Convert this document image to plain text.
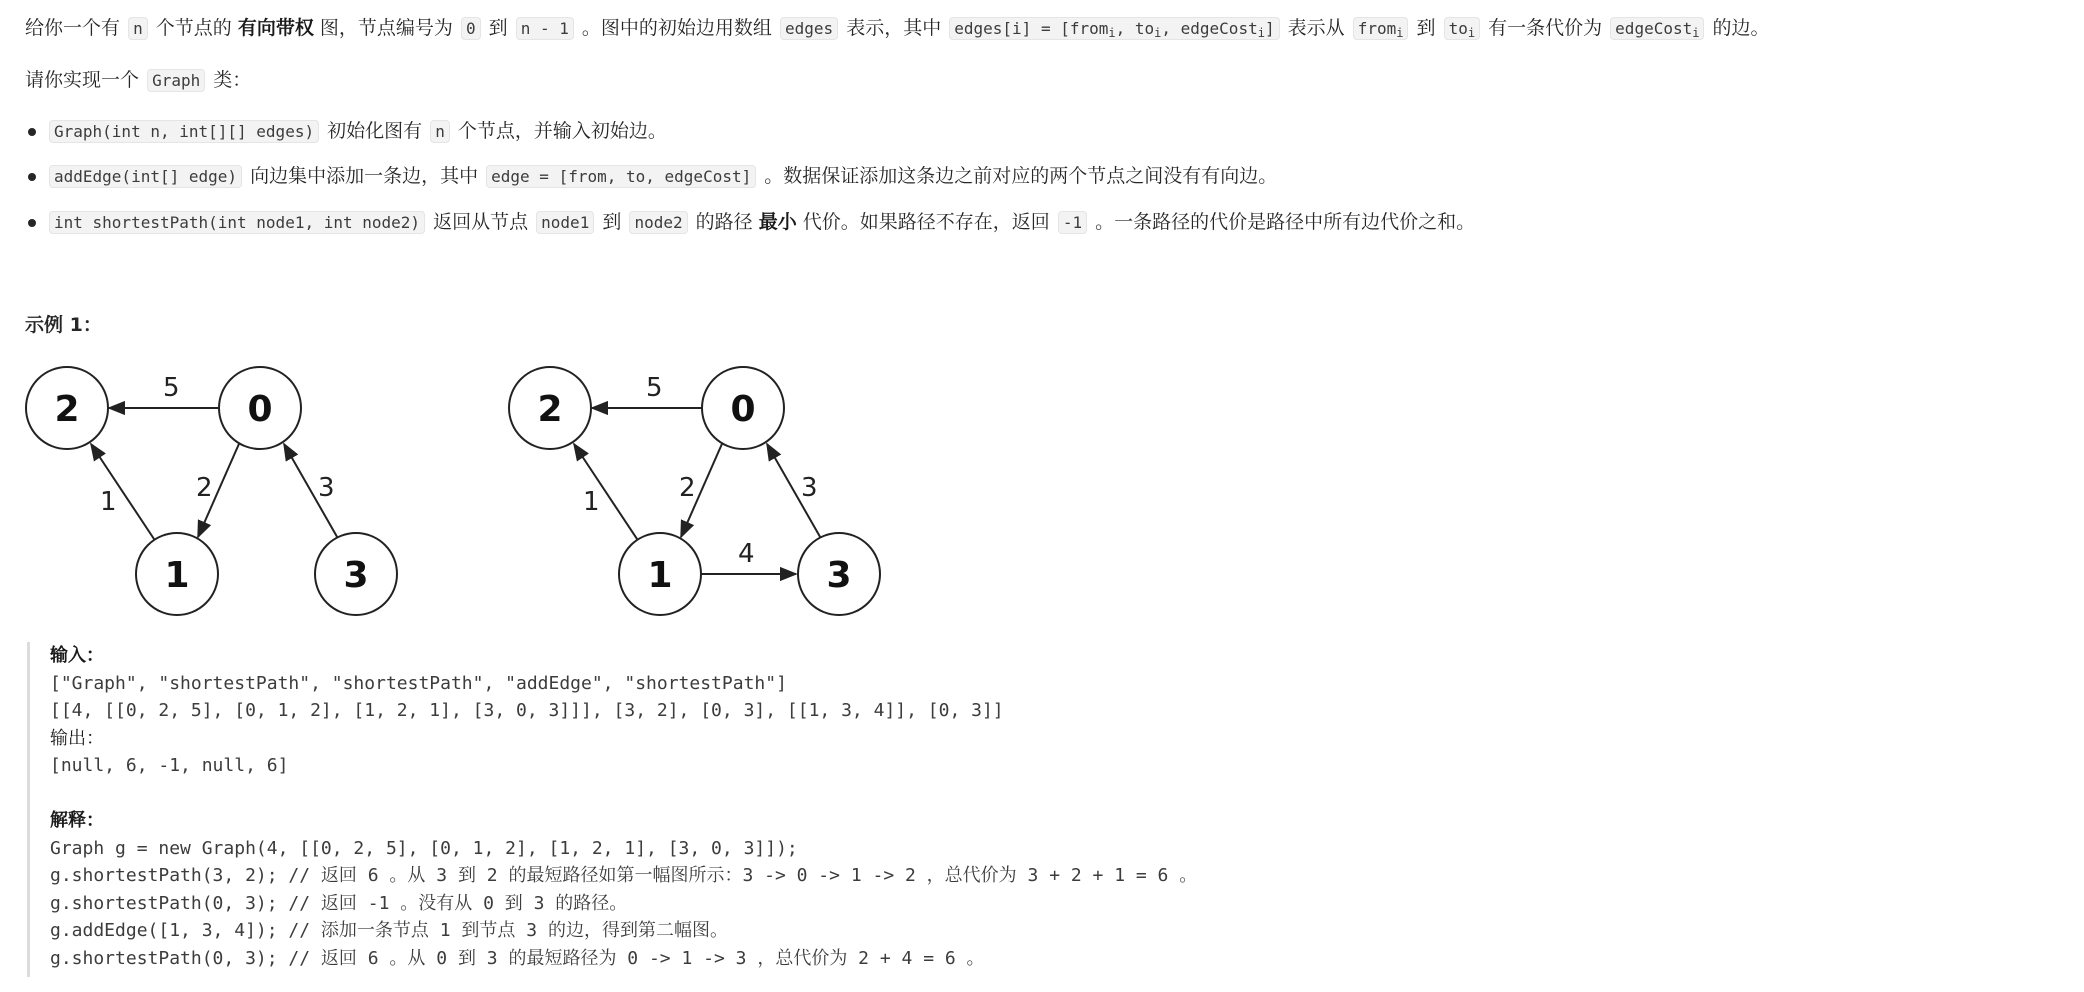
给你一个有 n 个节点的 有向带权 图，节点编号为 0 到 n - 1 。图中的初始边用数组 edges 表示，其中 edges[i] = [from$_i$, $to_i$, edgeCost$_i$] 表示从 from$_i$ 到 $to_i$ 有一条代价为 edgeCost$_i$ 的边。
请你实现一个 Graph 类：
Graph(int n, int[][] edges) 初始化图有 n 个节点，并输入初始边。
addEdge(int[] edge) 向边集中添加一条边，其中 edge = [from, to, edgeCost] 。数据保证添加这条边之前对应的两个节点之间没有有向边。
int shortestPath(int node1, int node2) 返回从节点 node1 到 node2 的路径 最小 代价。如果路径不存在，返回 -1 。一条路径的代价是路径中所有边代价之和。
示例 1：
5
2
1	3
2	0
1	3
5
2
1	3
4
2	0
1	3
输入：
["Graph", "shortestPath", "shortestPath", "addEdge", "shortestPath"]
[[4, [[0, 2, 5], [0, 1, 2], [1, 2, 1], [3, 0, 3]]], [3, 2], [0, 3], [[1, 3, 4]], [0, 3]]
输出：
[null, 6, -1, null, 6]
解释：
Graph g = new Graph(4, [[0, 2, 5], [0, 1, 2], [1, 2, 1], [3, 0, 3]]);
g.shortestPath(3, 2); // 返回 6 。从 3 到 2 的最短路径如第一幅图所示：3 -> 0 -> 1 -> 2 ，总代价为 3 + 2 + 1 = 6 。
g.shortestPath(0, 3); // 返回 -1 。没有从 0 到 3 的路径。
g.addEdge([1, 3, 4]); // 添加一条节点 1 到节点 3 的边，得到第二幅图。
g.shortestPath(0, 3); // 返回 6 。从 0 到 3 的最短路径为 0 -> 1 -> 3 ，总代价为 2 + 4 = 6 。
